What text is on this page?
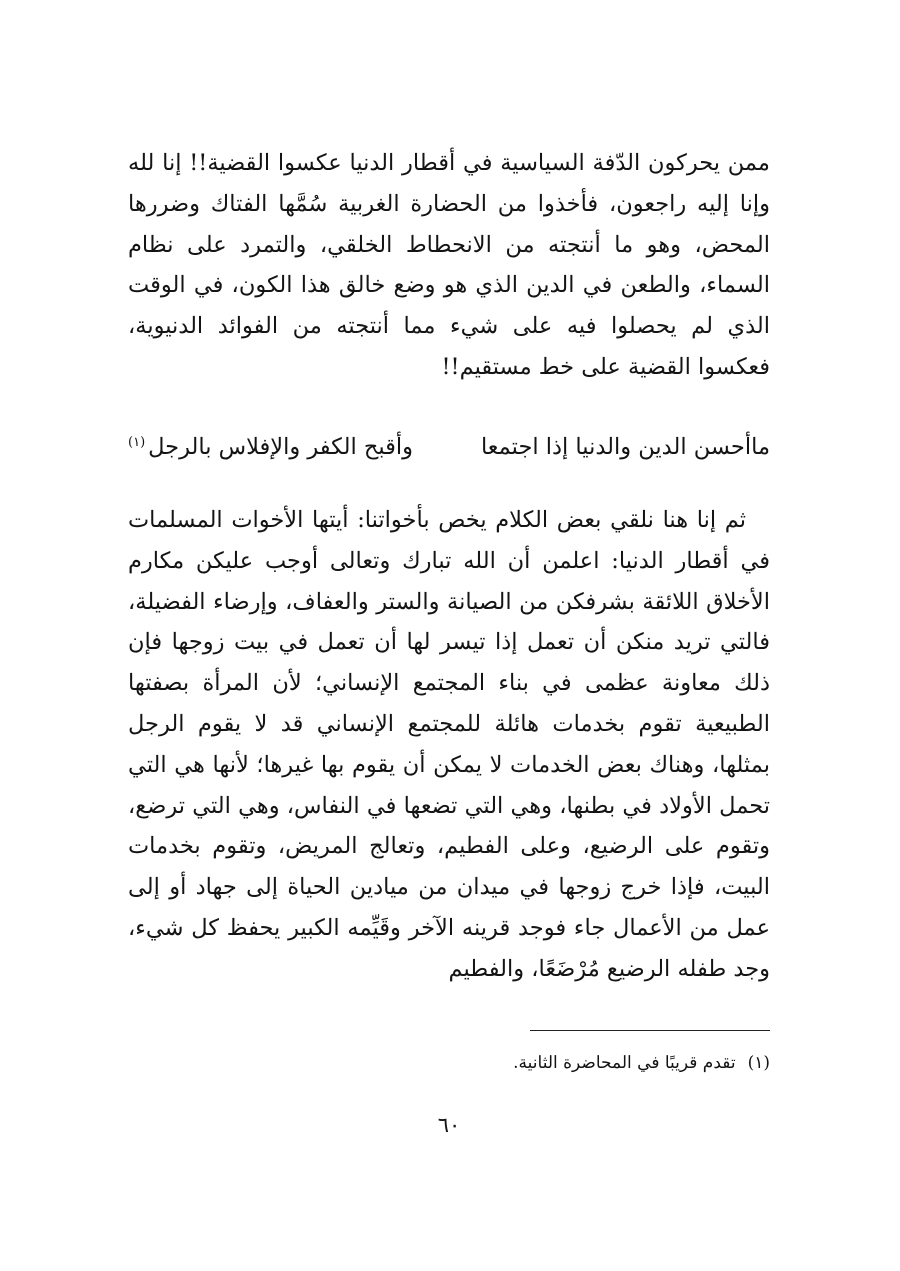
ممن يحركون الدّفة السياسية في أقطار الدنيا عكسوا القضية!! إنا لله وإنا إليه راجعون، فأخذوا من الحضارة الغربية سُمَّها الفتاك وضررها المحض، وهو ما أنتجته من الانحطاط الخلقي، والتمرد على نظام السماء، والطعن في الدين الذي هو وضع خالق هذا الكون، في الوقت الذي لم يحصلوا فيه على شيء مما أنتجته من الفوائد الدنيوية، فعكسوا القضية على خط مستقيم!!

ماأحسن الدين والدنيا إذا اجتمعا
وأقبح الكفر والإفلاس بالرجل$^{(١)}$

ثم إنا هنا نلقي بعض الكلام يخص بأخواتنا: أيتها الأخوات المسلمات في أقطار الدنيا: اعلمن أن الله تبارك وتعالى أوجب عليكن مكارم الأخلاق اللائقة بشرفكن من الصيانة والستر والعفاف، وإرضاء الفضيلة، فالتي تريد منكن أن تعمل إذا تيسر لها أن تعمل في بيت زوجها فإن ذلك معاونة عظمى في بناء المجتمع الإنساني؛ لأن المرأة بصفتها الطبيعية تقوم بخدمات هائلة للمجتمع الإنساني قد لا يقوم الرجل بمثلها، وهناك بعض الخدمات لا يمكن أن يقوم بها غيرها؛ لأنها هي التي تحمل الأولاد في بطنها، وهي التي تضعها في النفاس، وهي التي ترضع، وتقوم على الرضيع، وعلى الفطيم، وتعالج المريض، وتقوم بخدمات البيت، فإذا خرج زوجها في ميدان من ميادين الحياة إلى جهاد أو إلى عمل من الأعمال جاء فوجد قرينه الآخر وقَيِّمه الكبير يحفظ كل شيء، وجد طفله الرضيع مُرْضَعًا، والفطيم

(١)تقدم قريبًا في المحاضرة الثانية.
٦٠
